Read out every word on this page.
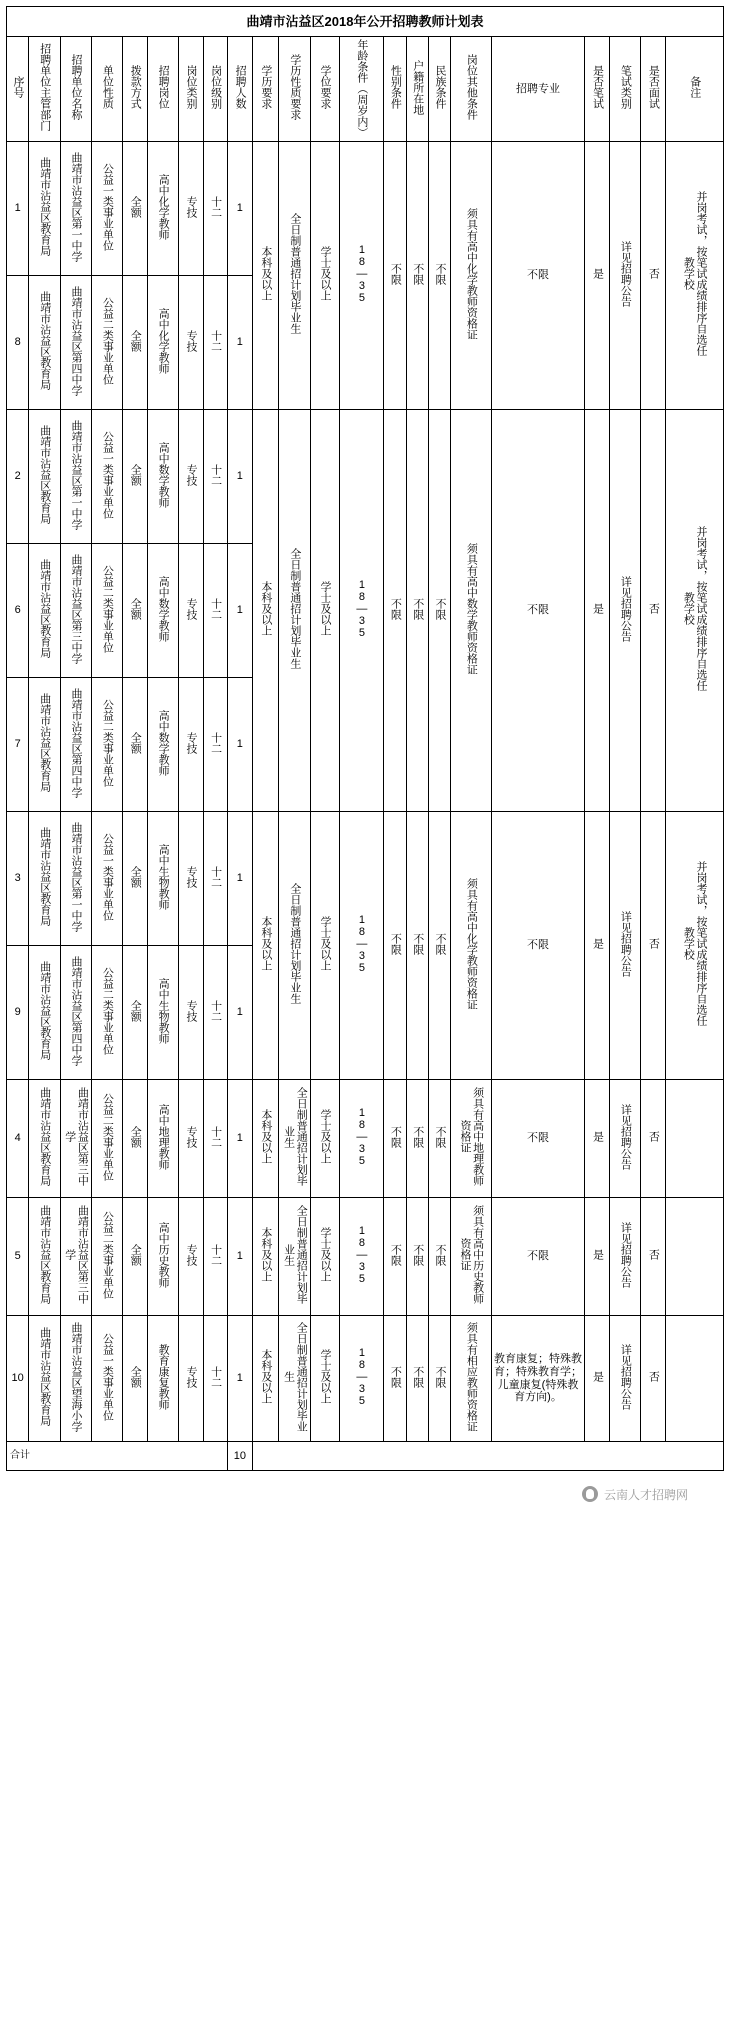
曲靖市沾益区2018年公开招聘教师计划表
序号	招聘单位主管部门	招聘单位名称	单位性质	拨款方式	招聘岗位	岗位类别	岗位级别	招聘人数	学历要求	学历性质要求	学位要求	年龄条件（周岁内）	性别条件	户籍所在地	民族条件	岗位其他条件	招聘专业	是否笔试	笔试类别	是否面试	备注
1	曲靖市沾益区教育局	曲靖市沾益区第一中学	公益一类事业单位	全额	高中化学教师	专技	十二	1	本科及以上	全日制普通招计划毕业生	学士及以上	18—35	不限	不限	不限	须具有高中化学教师资格证	不限	是	详见招聘公告	否	并岗考试，按笔试成绩排序自选任教学校
8	曲靖市沾益区教育局	曲靖市沾益区第四中学	公益二类事业单位	全额	高中化学教师	专技	十二	1													
2	曲靖市沾益区教育局	曲靖市沾益区第一中学	公益一类事业单位	全额	高中数学教师	专技	十二	1	本科及以上	全日制普通招计划毕业生	学士及以上	18—35	不限	不限	不限	须具有高中数学教师资格证	不限	是	详见招聘公告	否	并岗考试，按笔试成绩排序自选任教学校
6	曲靖市沾益区教育局	曲靖市沾益区第三中学	公益二类事业单位	全额	高中数学教师	专技	十二	1													
7	曲靖市沾益区教育局	曲靖市沾益区第四中学	公益二类事业单位	全额	高中数学教师	专技	十二	1													
3	曲靖市沾益区教育局	曲靖市沾益区第一中学	公益一类事业单位	全额	高中生物教师	专技	十二	1	本科及以上	全日制普通招计划毕业生	学士及以上	18—35	不限	不限	不限	须具有高中化学教师资格证	不限	是	详见招聘公告	否	并岗考试，按笔试成绩排序自选任教学校
9	曲靖市沾益区教育局	曲靖市沾益区第四中学	公益二类事业单位	全额	高中生物教师	专技	十二	1													
4	曲靖市沾益区教育局	曲靖市沾益区第三中学	公益二类事业单位	全额	高中地理教师	专技	十二	1	本科及以上	全日制普通招计划毕业生	学士及以上	18—35	不限	不限	不限	须具有高中地理教师资格证	不限	是	详见招聘公告	否	
5	曲靖市沾益区教育局	曲靖市沾益区第三中学	公益二类事业单位	全额	高中历史教师	专技	十二	1	本科及以上	全日制普通招计划毕业生	学士及以上	18—35	不限	不限	不限	须具有高中历史教师资格证	不限	是	详见招聘公告	否	
10	曲靖市沾益区教育局	曲靖市沾益区望海小学	公益一类事业单位	全额	教育康复教师	专技	十二	1	本科及以上	全日制普通招计划毕业生	学士及以上	18—35	不限	不限	不限	须具有相应教师资格证	教育康复；特殊教育；特殊教育学；儿童康复(特殊教育方向)。	是	详见招聘公告	否	
合计								10													
云南人才招聘网
